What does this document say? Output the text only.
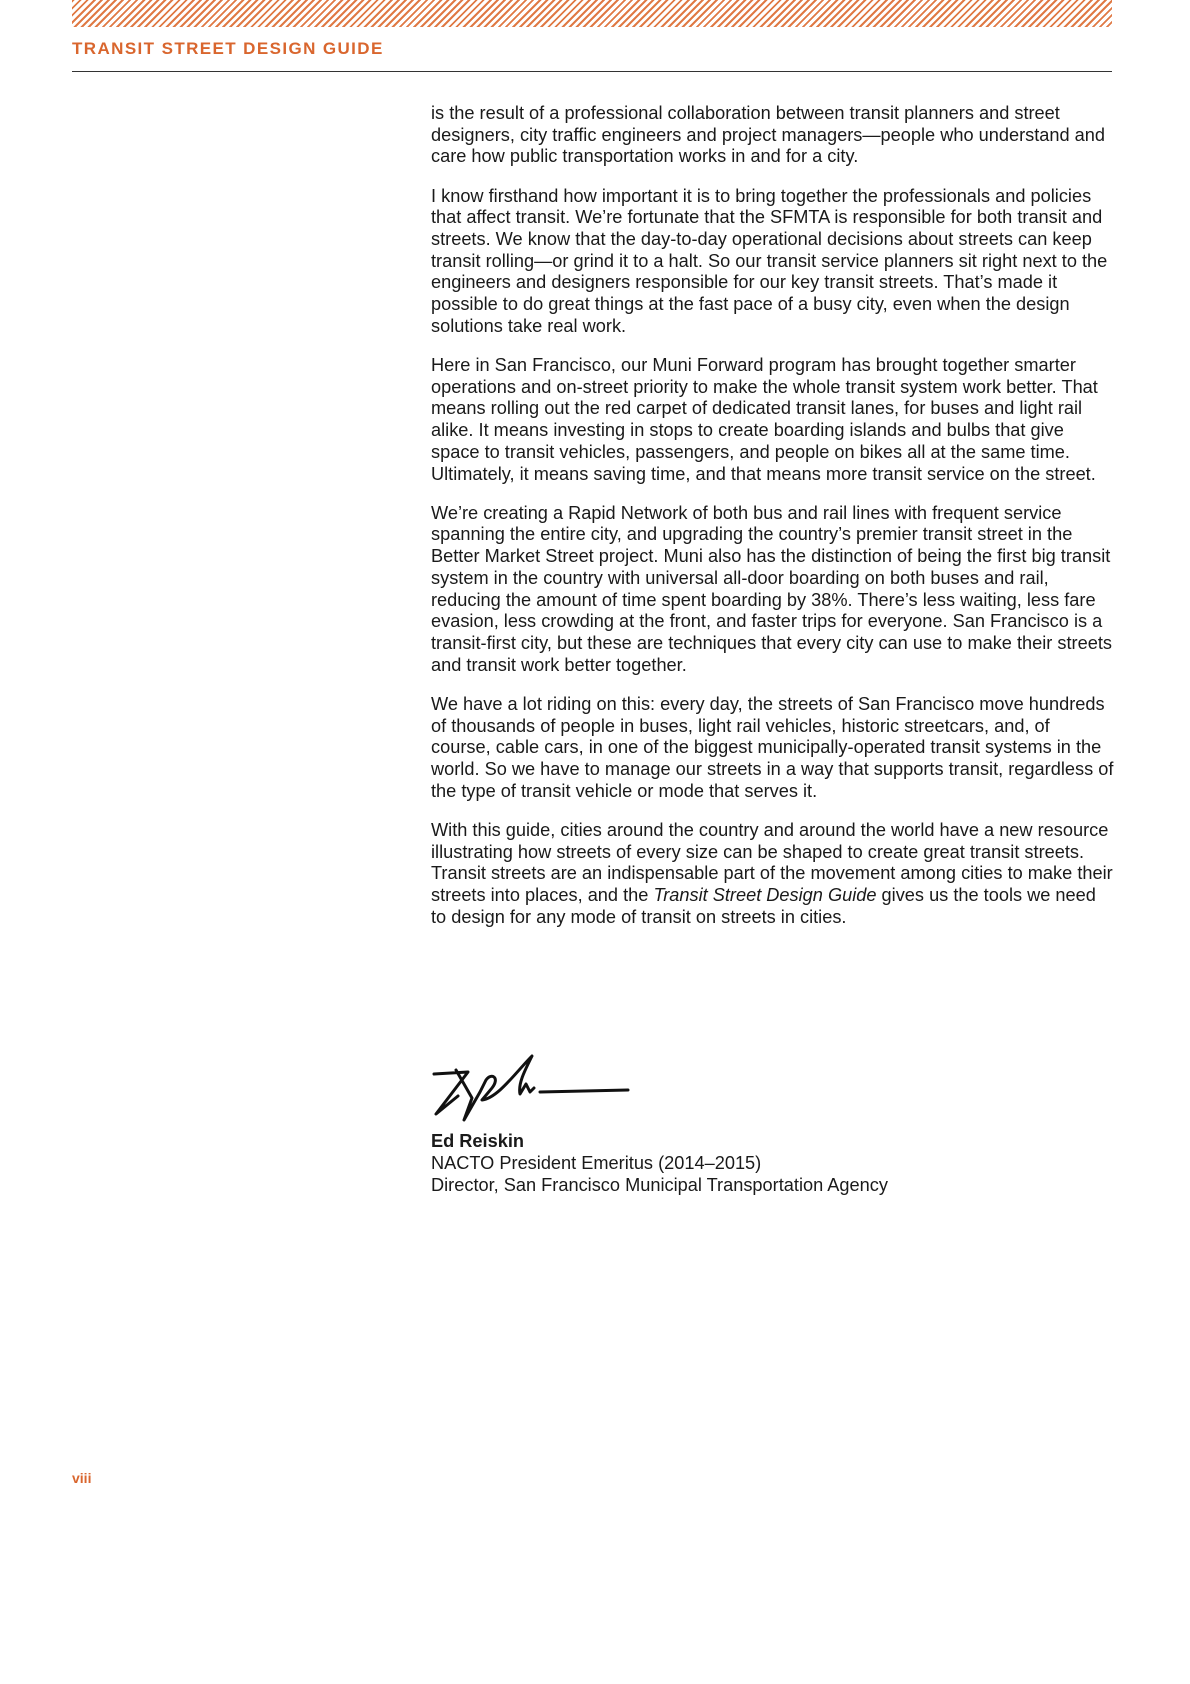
TRANSIT STREET DESIGN GUIDE

is the result of a professional collaboration between transit planners and street designers, city traffic engineers and project managers—people who understand and care how public transportation works in and for a city.

I know firsthand how important it is to bring together the professionals and policies that affect transit. We’re fortunate that the SFMTA is responsible for both transit and streets. We know that the day-to-day operational decisions about streets can keep transit rolling—or grind it to a halt. So our transit service planners sit right next to the engineers and designers responsible for our key transit streets. That’s made it possible to do great things at the fast pace of a busy city, even when the design solutions take real work.

Here in San Francisco, our Muni Forward program has brought together smarter operations and on-street priority to make the whole transit system work better. That means rolling out the red carpet of dedicated transit lanes, for buses and light rail alike. It means investing in stops to create boarding islands and bulbs that give space to transit vehicles, passengers, and people on bikes all at the same time. Ultimately, it means saving time, and that means more transit service on the street.

We’re creating a Rapid Network of both bus and rail lines with frequent service spanning the entire city, and upgrading the country’s premier transit street in the Better Market Street project. Muni also has the distinction of being the first big transit system in the country with universal all-door boarding on both buses and rail, reducing the amount of time spent boarding by 38%. There’s less waiting, less fare evasion, less crowding at the front, and faster trips for everyone. San Francisco is a transit-first city, but these are techniques that every city can use to make their streets and transit work better together.

We have a lot riding on this: every day, the streets of San Francisco move hundreds of thousands of people in buses, light rail vehicles, historic streetcars, and, of course, cable cars, in one of the biggest municipally-operated transit systems in the world. So we have to manage our streets in a way that supports transit, regardless of the type of transit vehicle or mode that serves it.

With this guide, cities around the country and around the world have a new resource illustrating how streets of every size can be shaped to create great transit streets. Transit streets are an indispensable part of the movement among cities to make their streets into places, and the Transit Street Design Guide gives us the tools we need to design for any mode of transit on streets in cities.

Ed Reiskin
NACTO President Emeritus (2014–2015)
Director, San Francisco Municipal Transportation Agency
viii
